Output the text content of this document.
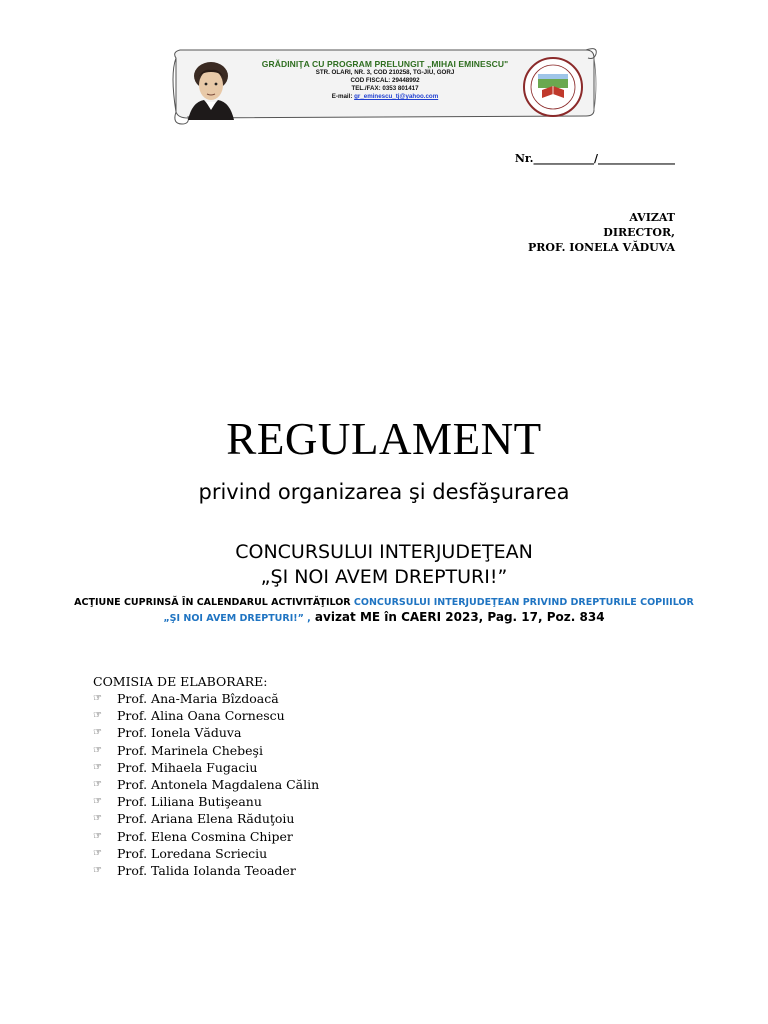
GRĂDINIŢA CU PROGRAM PRELUNGIT „MIHAI EMINESCU"
STR. OLARI, NR. 3, COD 210258, TG-JIU, GORJ
COD FISCAL: 29448992
TEL./FAX: 0353 801417
E-mail: gr_eminescu_tj@yahoo.com
Nr.___________/______________
AVIZAT
DIRECTOR,
PROF. IONELA VĂDUVA
REGULAMENT
privind organizarea şi desfăşurarea
CONCURSULUI INTERJUDEŢEAN
„ŞI NOI AVEM DREPTURI!”
ACŢIUNE CUPRINSĂ ÎN CALENDARUL ACTIVITĂŢILOR CONCURSULUI INTERJUDEŢEAN PRIVIND DREPTURILE COPIIILOR „ŞI NOI AVEM DREPTURI!” , avizat ME în CAERI 2023, Pag. 17, Poz. 834
COMISIA DE ELABORARE:
☞ Prof. Ana-Maria Bîzdoacă
☞ Prof. Alina Oana Cornescu
☞ Prof. Ionela Văduva
☞ Prof. Marinela Chebeşi
☞ Prof. Mihaela Fugaciu
☞ Prof. Antonela Magdalena Călin
☞ Prof. Liliana Butişeanu
☞ Prof. Ariana Elena Răduţoiu
☞ Prof. Elena Cosmina Chiper
☞ Prof. Loredana Scrieciu
☞ Prof. Talida Iolanda Teoader
